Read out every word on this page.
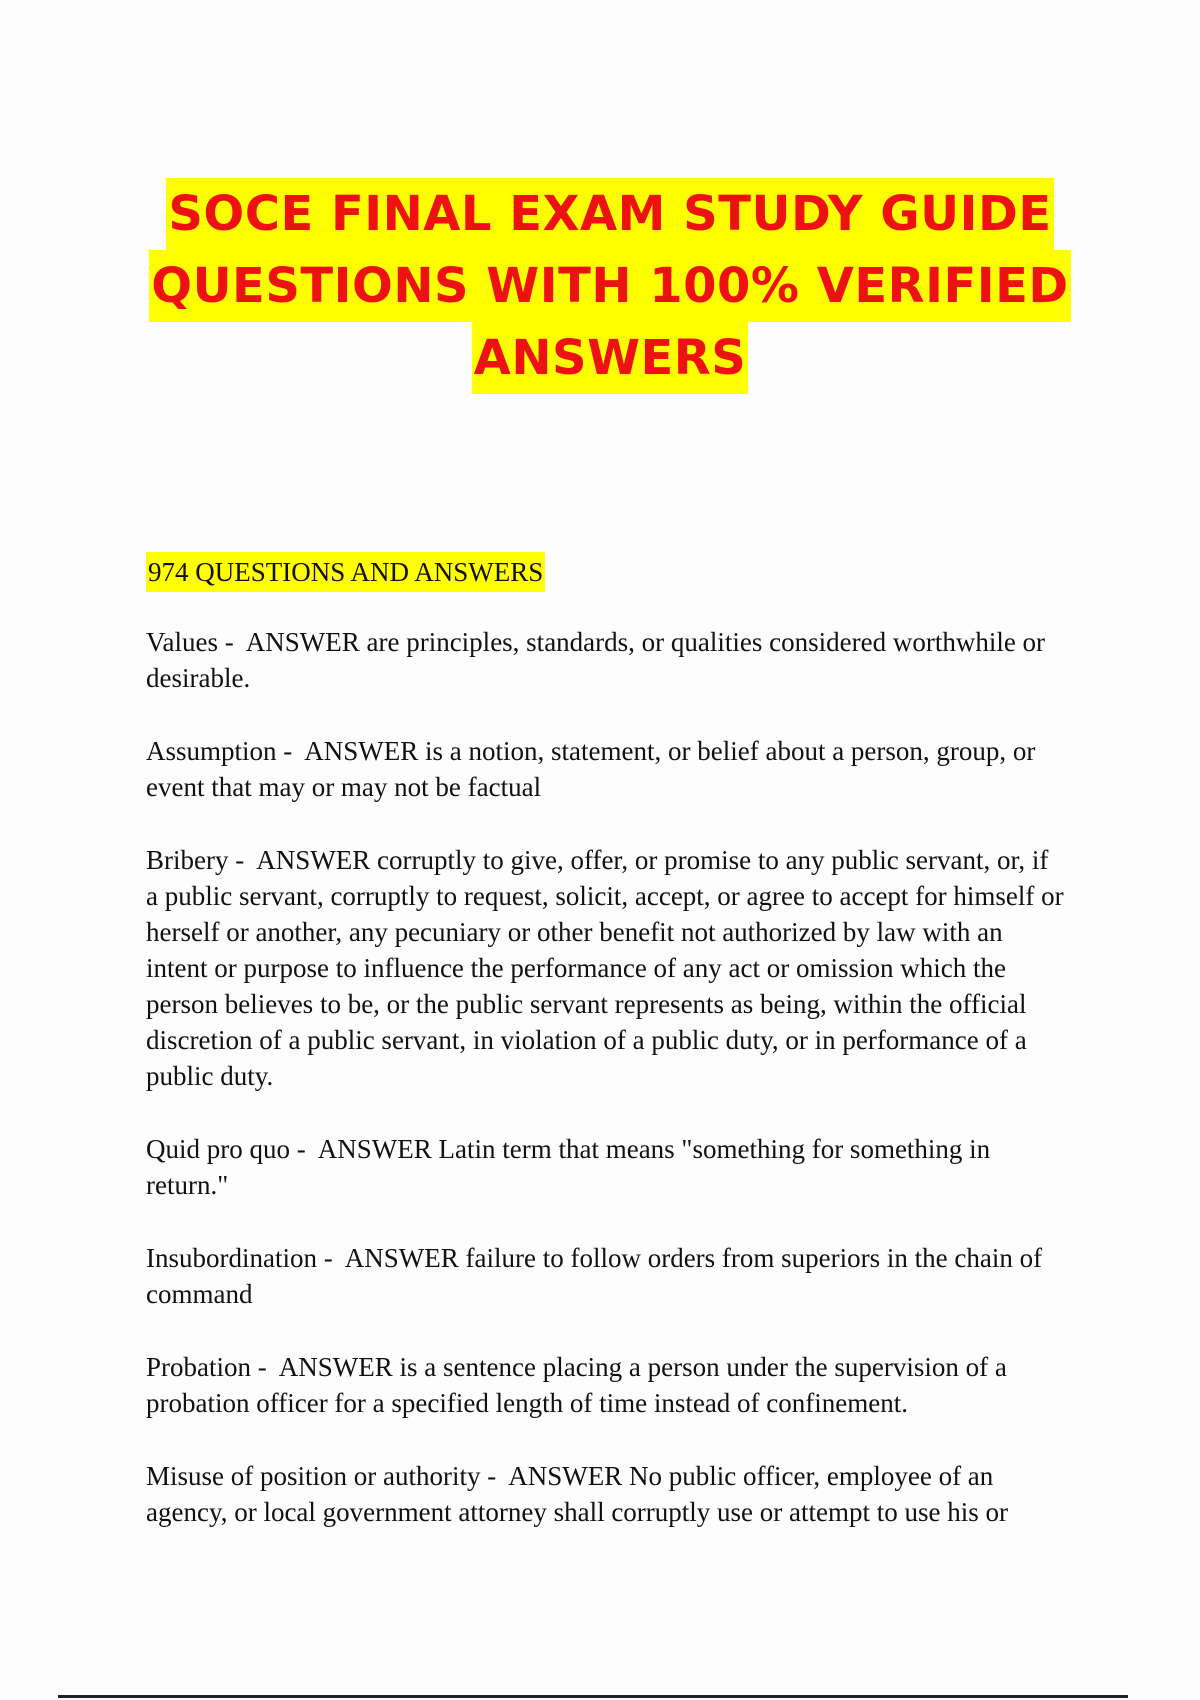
SOCE FINAL EXAM STUDY GUIDE
QUESTIONS WITH 100% VERIFIED
ANSWERS
974 QUESTIONS AND ANSWERS

Values - ANSWER are principles, standards, or qualities considered worthwhile or desirable.

Assumption - ANSWER is a notion, statement, or belief about a person, group, or event that may or may not be factual

Bribery - ANSWER corruptly to give, offer, or promise to any public servant, or, if a public servant, corruptly to request, solicit, accept, or agree to accept for himself or herself or another, any pecuniary or other benefit not authorized by law with an intent or purpose to influence the performance of any act or omission which the person believes to be, or the public servant represents as being, within the official discretion of a public servant, in violation of a public duty, or in performance of a public duty.

Quid pro quo - ANSWER Latin term that means "something for something in return."

Insubordination - ANSWER failure to follow orders from superiors in the chain of command

Probation - ANSWER is a sentence placing a person under the supervision of a probation officer for a specified length of time instead of confinement.

Misuse of position or authority - ANSWER No public officer, employee of an agency, or local government attorney shall corruptly use or attempt to use his or
